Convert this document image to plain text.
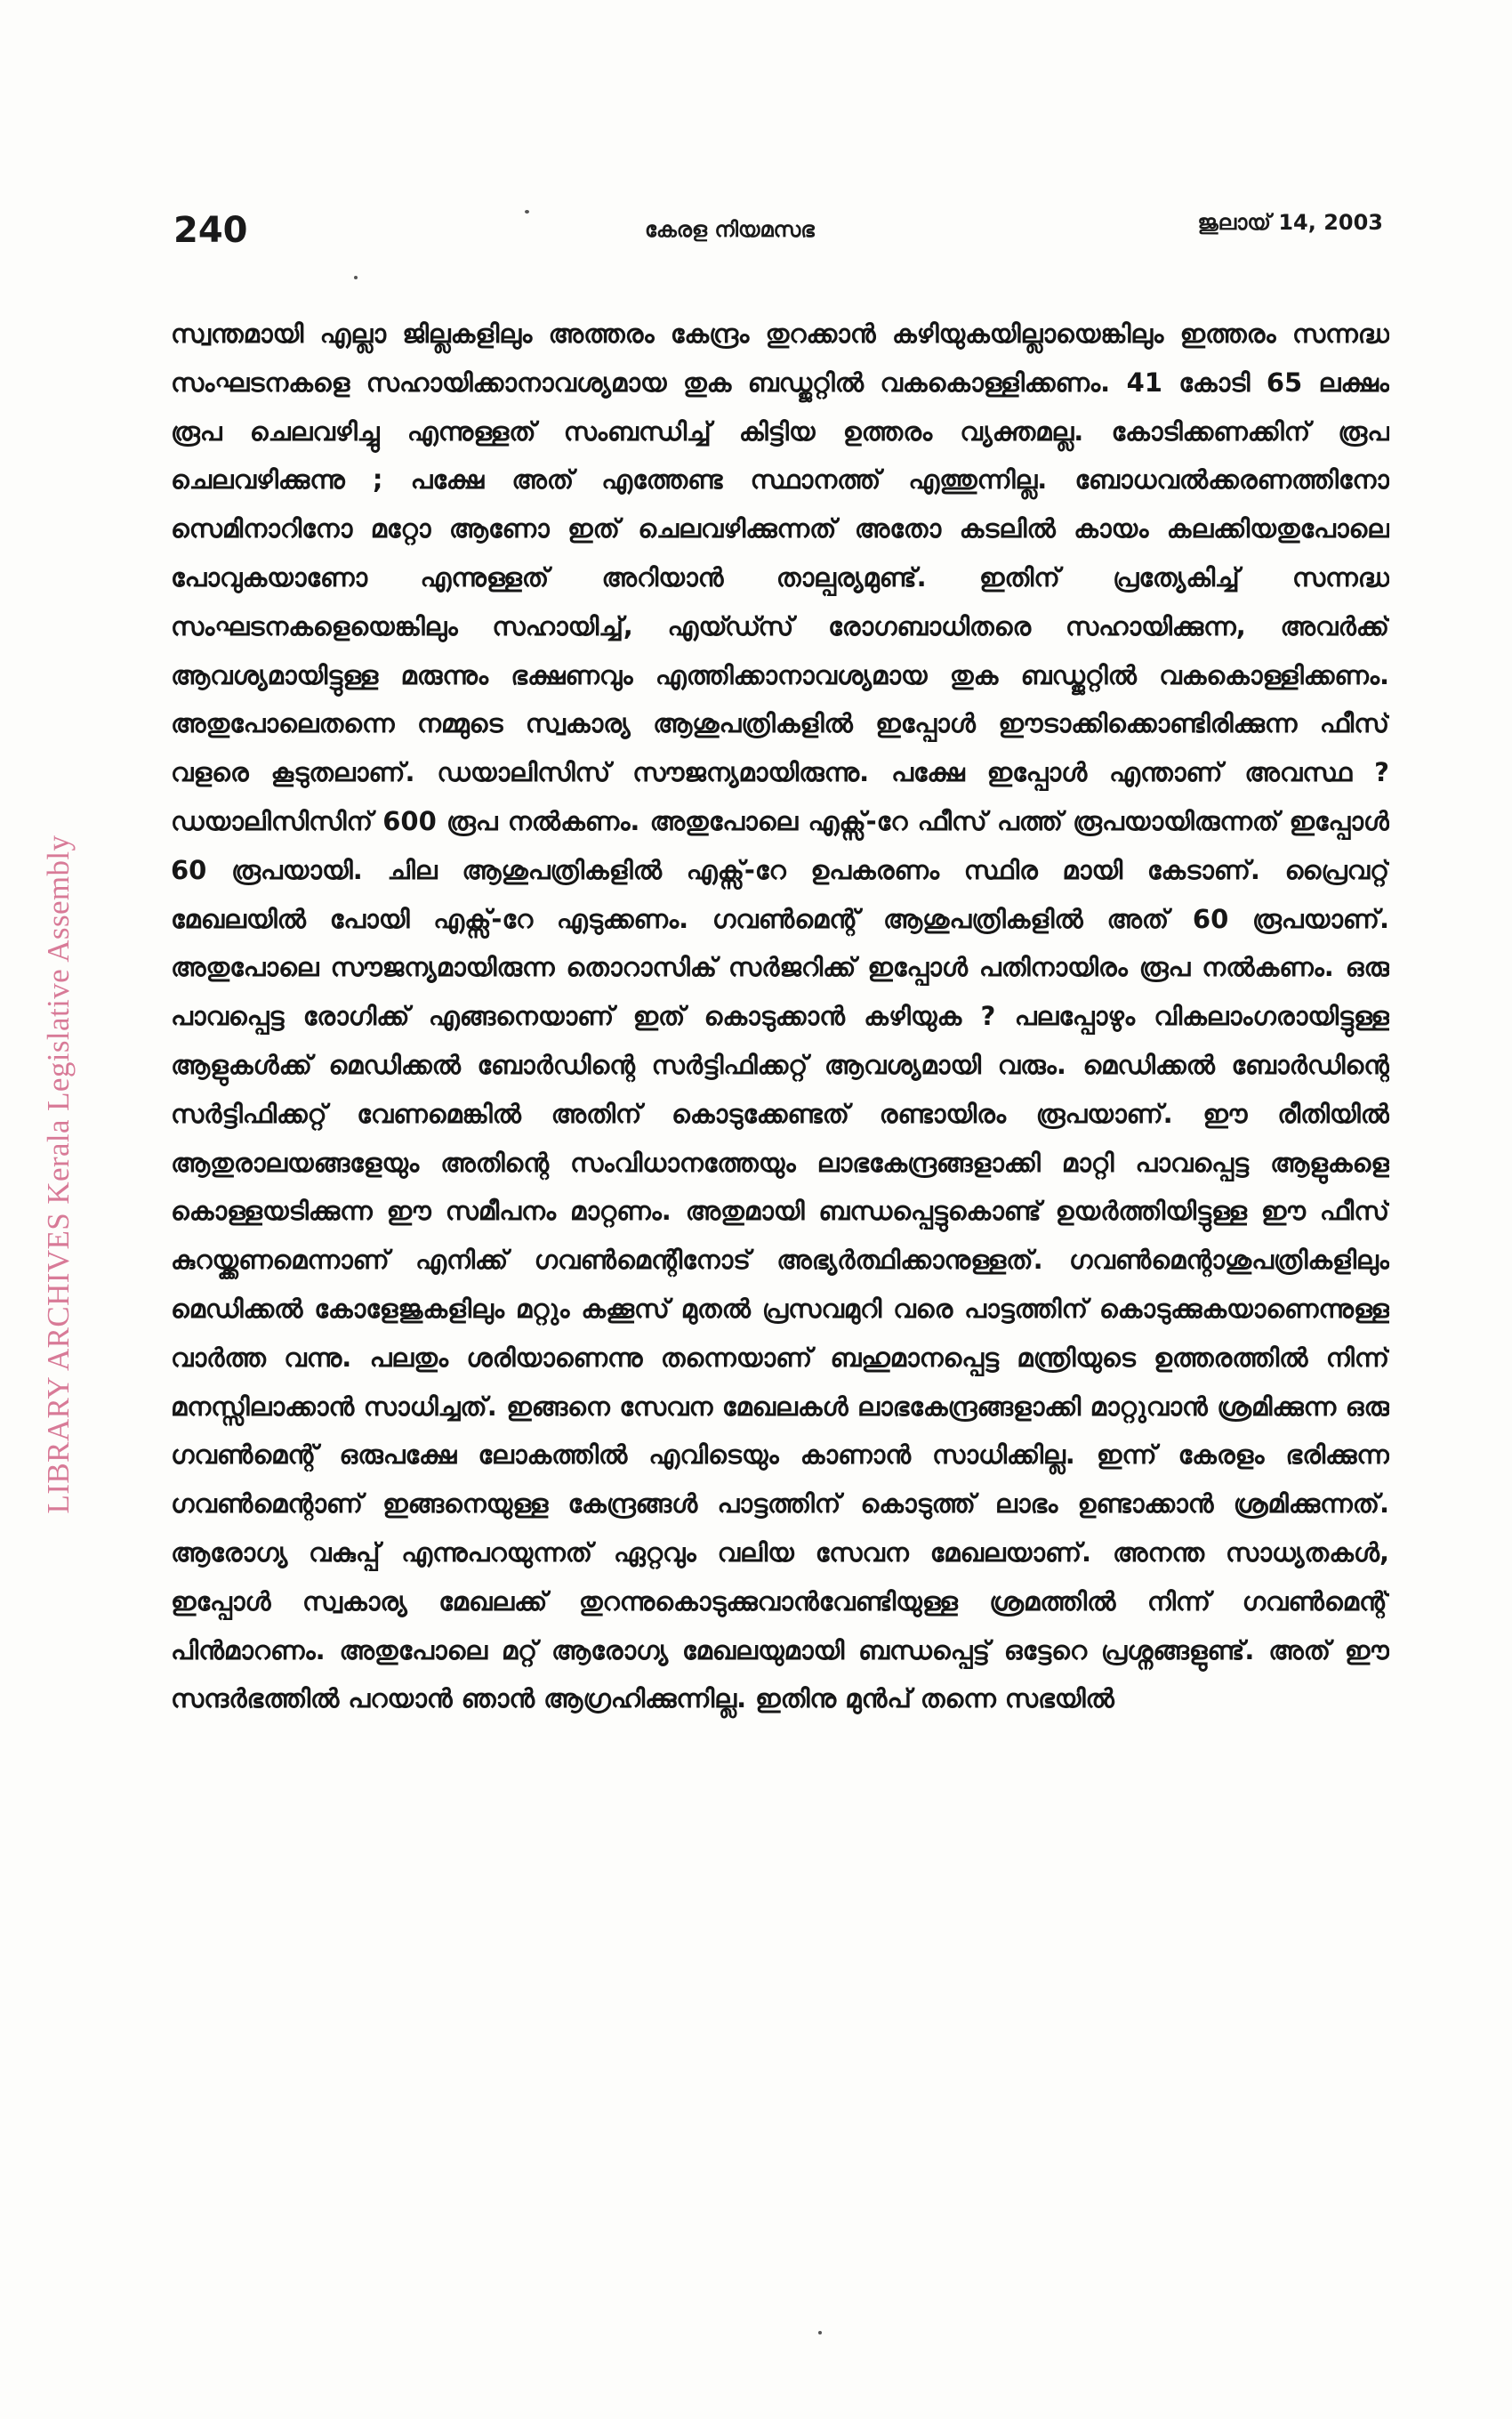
240	കേരള നിയമസഭ	ജുലായ് 14, 2003
LIBRARY ARCHIVES Kerala Legislative Assembly

സ്വന്തമായി എല്ലാ ജില്ലകളിലും അത്തരം കേന്ദ്രം തുറക്കാൻ കഴിയുകയില്ലായെങ്കിലും ഇത്തരം സന്നദ്ധ സംഘടനകളെ സഹായിക്കാനാവശ്യമായ തുക ബഡ്ജറ്റിൽ വകകൊള്ളിക്കണം. 41 കോടി 65 ലക്ഷം രൂപ ചെലവഴിച്ചു എന്നുള്ളത് സംബന്ധിച്ച് കിട്ടിയ ഉത്തരം വ്യക്തമല്ല. കോടിക്കണക്കിന് രൂപ ചെലവഴിക്കുന്നു ; പക്ഷേ അത് എത്തേണ്ട സ്ഥാനത്ത് എത്തുന്നില്ല. ബോധവൽക്കരണത്തിനോ സെമിനാറിനോ മറ്റോ ആണോ ഇത് ചെലവഴിക്കുന്നത് അതോ കടലിൽ കായം കലക്കിയതുപോലെ പോവുകയാണോ എന്നുള്ളത് അറിയാൻ താല്പര്യമുണ്ട്. ഇതിന് പ്രത്യേകിച്ച് സന്നദ്ധ സംഘടനകളെയെങ്കിലും സഹായിച്ച്, എയ്ഡ്സ് രോഗബാധിതരെ സഹായിക്കുന്ന, അവർക്ക് ആവശ്യമായിട്ടുള്ള മരുന്നും ഭക്ഷണവും എത്തിക്കാനാവശ്യമായ തുക ബഡ്ജറ്റിൽ വകകൊള്ളിക്കണം. അതുപോലെതന്നെ നമ്മുടെ സ്വകാര്യ ആശുപത്രികളിൽ ഇപ്പോൾ ഈടാക്കിക്കൊണ്ടിരിക്കുന്ന ഫീസ് വളരെ കൂടുതലാണ്. ഡയാലിസിസ് സൗജന്യമായിരുന്നു. പക്ഷേ ഇപ്പോൾ എന്താണ് അവസ്ഥ ? ഡയാലിസിസിന് 600 രൂപ നൽകണം. അതുപോലെ എക്സ്-റേ ഫീസ് പത്ത് രൂപയായിരുന്നത് ഇപ്പോൾ 60 രൂപയായി. ചില ആശുപത്രികളിൽ എക്സ്-റേ ഉപകരണം സ്ഥിര മായി കേടാണ്. പ്രൈവറ്റ് മേഖലയിൽ പോയി എക്സ്-റേ എടുക്കണം. ഗവൺമെന്റ് ആശുപത്രികളിൽ അത് 60 രൂപയാണ്. അതുപോലെ സൗജന്യമായിരുന്ന തൊറാസിക് സർജറിക്ക് ഇപ്പോൾ പതിനായിരം രൂപ നൽകണം. ഒരു പാവപ്പെട്ട രോഗിക്ക് എങ്ങനെയാണ് ഇത് കൊടുക്കാൻ കഴിയുക ? പലപ്പോഴും വികലാംഗരായിട്ടുള്ള ആളുകൾക്ക് മെഡിക്കൽ ബോർഡിന്റെ സർട്ടിഫിക്കറ്റ് ആവശ്യമായി വരും. മെഡിക്കൽ ബോർഡിന്റെ സർട്ടിഫിക്കറ്റ് വേണമെങ്കിൽ അതിന് കൊടുക്കേണ്ടത് രണ്ടായിരം രൂപയാണ്. ഈ രീതിയിൽ ആതുരാലയങ്ങളേയും അതിന്റെ സംവിധാനത്തേയും ലാഭകേന്ദ്രങ്ങളാക്കി മാറ്റി പാവപ്പെട്ട ആളുകളെ കൊള്ളയടിക്കുന്ന ഈ സമീപനം മാറ്റണം. അതുമായി ബന്ധപ്പെട്ടുകൊണ്ട് ഉയർത്തിയിട്ടുള്ള ഈ ഫീസ് കുറയ്ക്കണമെന്നാണ് എനിക്ക് ഗവൺമെന്റിനോട് അഭ്യർത്ഥിക്കാനുള്ളത്. ഗവൺമെന്റാശുപത്രികളിലും മെഡിക്കൽ കോളേജുകളിലും മറ്റും കക്കൂസ് മുതൽ പ്രസവമുറി വരെ പാട്ടത്തിന് കൊടുക്കുകയാണെന്നുള്ള വാർത്ത വന്നു. പലതും ശരിയാണെന്നു തന്നെയാണ് ബഹുമാനപ്പെട്ട മന്ത്രിയുടെ ഉത്തരത്തിൽ നിന്ന് മനസ്സിലാക്കാൻ സാധിച്ചത്. ഇങ്ങനെ സേവന മേഖലകൾ ലാഭകേന്ദ്രങ്ങളാക്കി മാറ്റുവാൻ ശ്രമിക്കുന്ന ഒരു ഗവൺമെന്റ് ഒരുപക്ഷേ ലോകത്തിൽ എവിടെയും കാണാൻ സാധിക്കില്ല. ഇന്ന് കേരളം ഭരിക്കുന്ന ഗവൺമെന്റാണ് ഇങ്ങനെയുള്ള കേന്ദ്രങ്ങൾ പാട്ടത്തിന് കൊടുത്ത് ലാഭം ഉണ്ടാക്കാൻ ശ്രമിക്കുന്നത്. ആരോഗ്യ വകുപ്പ് എന്നുപറയുന്നത് ഏറ്റവും വലിയ സേവന മേഖലയാണ്. അനന്ത സാധ്യതകൾ, ഇപ്പോൾ സ്വകാര്യ മേഖലക്ക് തുറന്നുകൊടുക്കുവാൻവേണ്ടിയുള്ള ശ്രമത്തിൽ നിന്ന് ഗവൺമെന്റ് പിൻമാറണം. അതുപോലെ മറ്റ് ആരോഗ്യ മേഖലയുമായി ബന്ധപ്പെട്ട് ഒട്ടേറെ പ്രശ്നങ്ങളുണ്ട്. അത് ഈ സന്ദർഭത്തിൽ പറയാൻ ഞാൻ ആഗ്രഹിക്കുന്നില്ല. ഇതിനു മുൻപ് തന്നെ സഭയിൽ
